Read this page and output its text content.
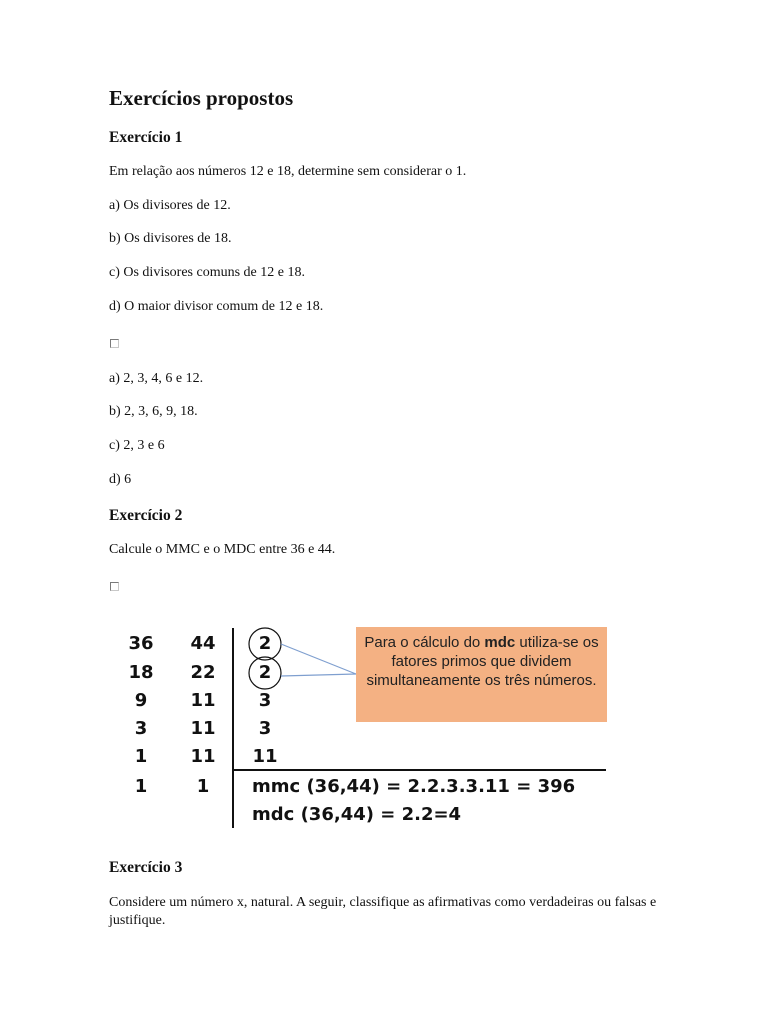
Exercícios propostos
Exercício 1

Em relação aos números 12 e 18, determine sem considerar o 1.

a) Os divisores de 12.

b) Os divisores de 18.

c) Os divisores comuns de 12 e 18.

d) O maior divisor comum de 12 e 18.

a) 2, 3, 4, 6 e 12.

b) 2, 3, 6, 9, 18.

c) 2, 3 e 6

d) 6

Exercício 2

Calcule o MMC e o MDC entre 36 e 44.

36	44	2
18	22	2
9	11	3
3	11	3
1	11	11
1	1	mmc (36,44) = 2.2.3.3.11 = 396
mdc (36,44) = 2.2=4
Para o cálculo do mdc utiliza-se os fatores primos que dividem simultaneamente os três números.
Exercício 3

Considere um número x, natural. A seguir, classifique as afirmativas como verdadeiras ou falsas e justifique.
